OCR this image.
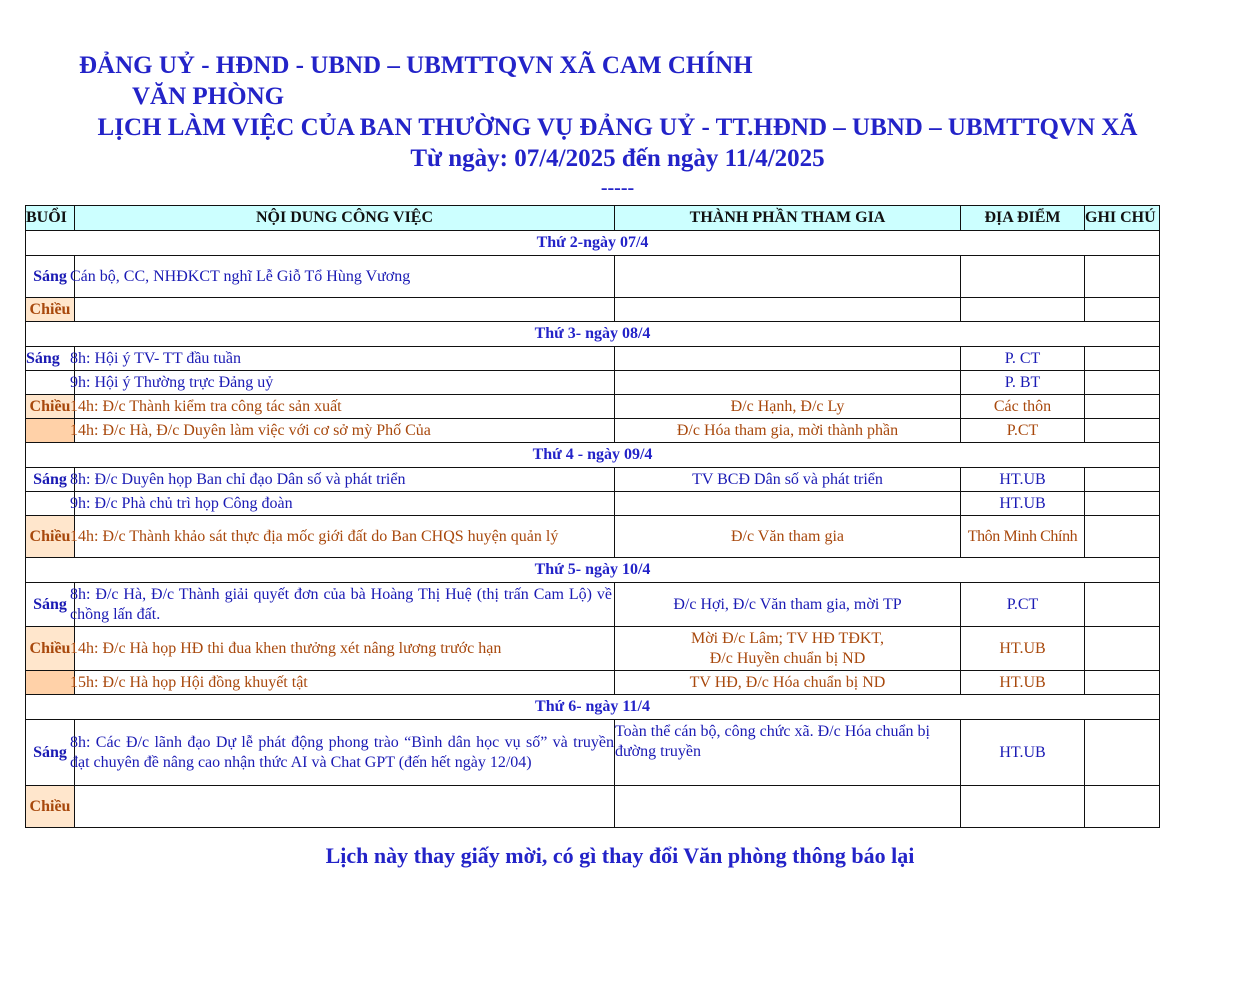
ĐẢNG UỶ - HĐND - UBND – UBMTTQVN XÃ CAM CHÍNH
VĂN PHÒNG
LỊCH LÀM VIỆC CỦA BAN THƯỜNG VỤ ĐẢNG UỶ - TT.HĐND – UBND – UBMTTQVN XÃ
Từ ngày: 07/4/2025 đến ngày 11/4/2025
-----
BUỔI	NỘI DUNG CÔNG VIỆC	THÀNH PHẦN THAM GIA	ĐỊA ĐIỂM	GHI CHÚ
Thứ 2-ngày 07/4				
Sáng	Cán bộ, CC, NHĐKCT nghĩ Lễ Giỗ Tổ Hùng Vương			
Chiều				
Thứ 3- ngày 08/4				
Sáng	8h: Hội ý TV- TT đầu tuần		P. CT	
	9h: Hội ý Thường trực Đảng uỷ		P. BT	
Chiều	14h: Đ/c Thành kiểm tra công tác sản xuất	Đ/c Hạnh, Đ/c Ly	Các thôn	
	14h: Đ/c Hà, Đ/c Duyên làm việc với cơ sở mỳ Phố Của	Đ/c Hóa tham gia, mời thành phần	P.CT	
Thứ 4 - ngày 09/4				
Sáng	8h: Đ/c Duyên họp Ban chỉ đạo Dân số và phát triển	TV BCĐ Dân số và phát triển	HT.UB	
	9h: Đ/c Phà chủ trì họp Công đoàn		HT.UB	
Chiều	14h: Đ/c Thành khảo sát thực địa mốc giới đất do Ban CHQS huyện quản lý	Đ/c Văn tham gia	Thôn Minh Chính	
Thứ 5- ngày 10/4				
Sáng	8h: Đ/c Hà, Đ/c Thành giải quyết đơn của bà Hoàng Thị Huệ (thị trấn Cam Lộ) về chồng lấn đất.	Đ/c Hợi, Đ/c Văn tham gia, mời TP	P.CT	
Chiều	14h: Đ/c Hà họp HĐ thi đua khen thưởng xét nâng lương trước hạn	Mời Đ/c Lâm; TV HĐ TĐKT, Đ/c Huyền chuẩn bị ND	HT.UB	
	15h: Đ/c Hà họp Hội đồng khuyết tật	TV HĐ, Đ/c Hóa chuẩn bị ND	HT.UB	
Thứ 6- ngày 11/4				
Sáng	8h: Các Đ/c lãnh đạo Dự lễ phát động phong trào “Bình dân học vụ số” và truyền đạt chuyên đề nâng cao nhận thức AI và Chat GPT (đến hết ngày 12/04)	Toàn thể cán bộ, công chức xã. Đ/c Hóa chuẩn bị đường truyền	HT.UB	
Chiều				
Lịch này thay giấy mời, có gì thay đổi Văn phòng thông báo lại
